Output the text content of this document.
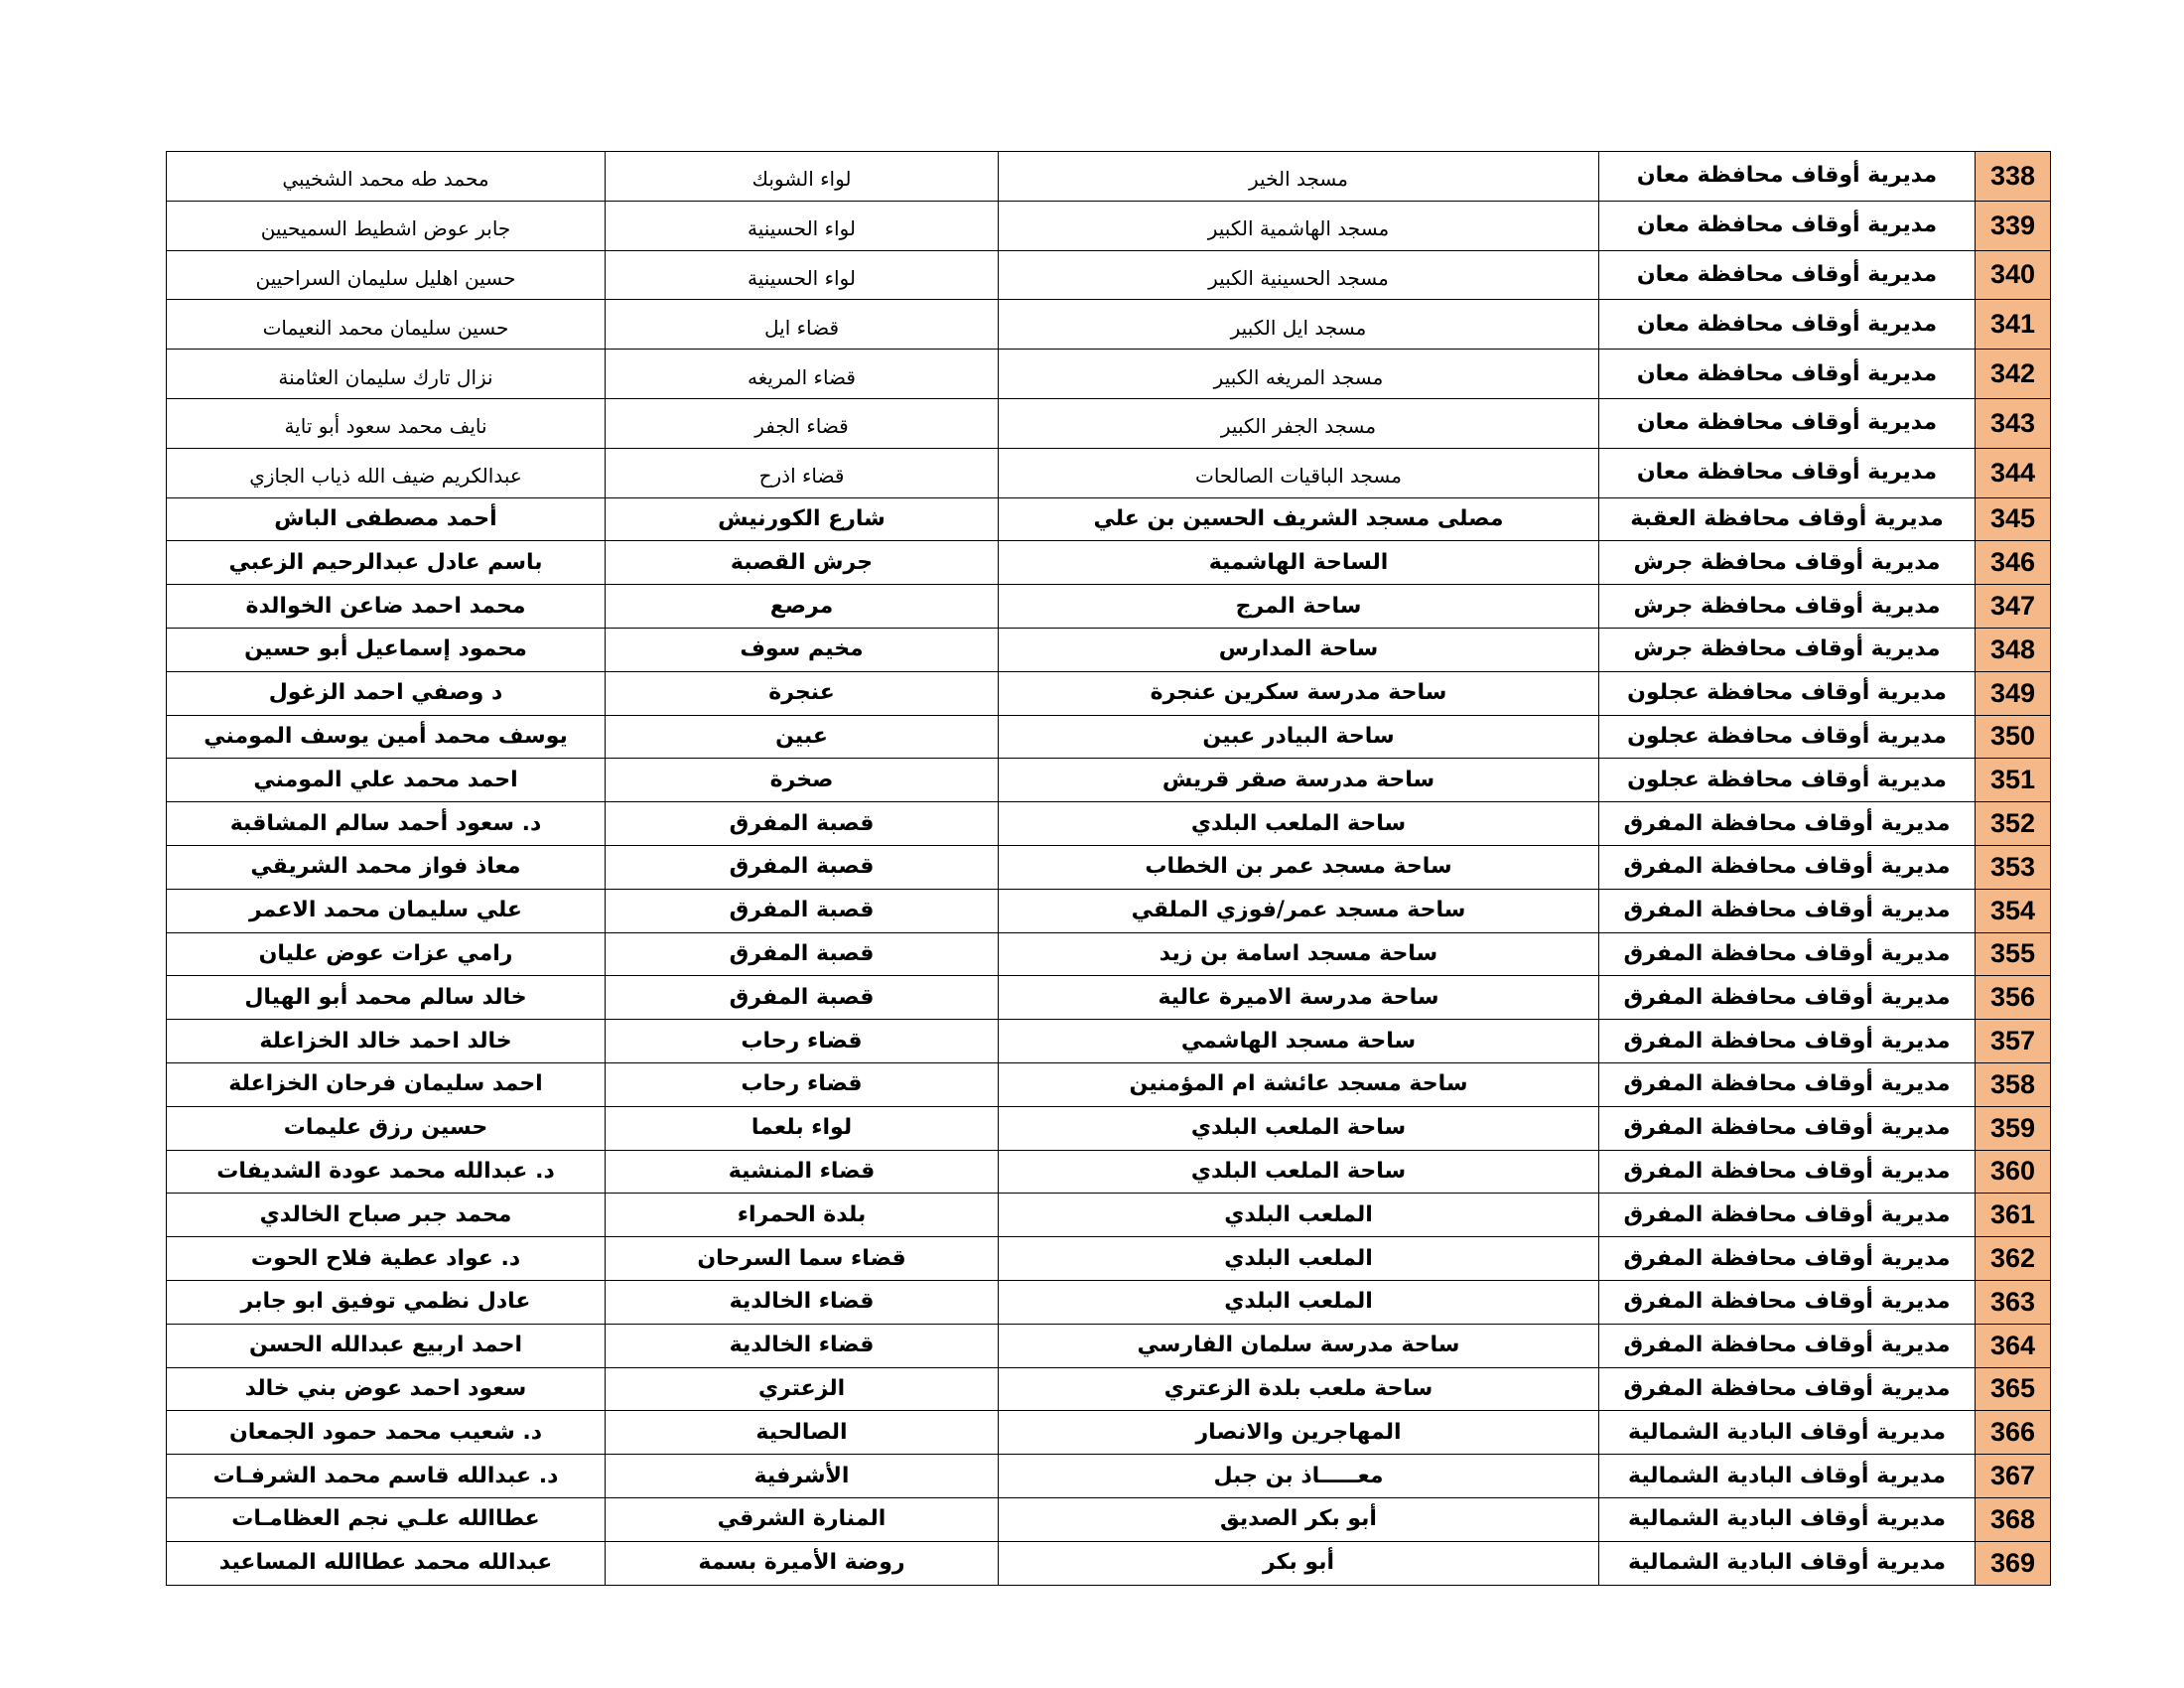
338	مديرية أوقاف محافظة معان	مسجد الخير	لواء الشوبك	محمد طه محمد الشخيبي
339	مديرية أوقاف محافظة معان	مسجد الهاشمية الكبير	لواء الحسينية	جابر عوض اشطيط السميحيين
340	مديرية أوقاف محافظة معان	مسجد الحسينية الكبير	لواء الحسينية	حسين اهليل سليمان السراحيين
341	مديرية أوقاف محافظة معان	مسجد ايل الكبير	قضاء ايل	حسين سليمان محمد النعيمات
342	مديرية أوقاف محافظة معان	مسجد المريغه الكبير	قضاء المريغه	نزال تارك سليمان العثامنة
343	مديرية أوقاف محافظة معان	مسجد الجفر الكبير	قضاء الجفر	نايف محمد سعود أبو تاية
344	مديرية أوقاف محافظة معان	مسجد الباقيات الصالحات	قضاء اذرح	عبدالكريم ضيف الله ذياب الجازي
345	مديرية أوقاف محافظة العقبة	مصلى مسجد الشريف الحسين بن علي	شارع الكورنيش	أحمد مصطفى الباش
346	مديرية أوقاف محافظة جرش	الساحة الهاشمية	جرش القصبة	باسم عادل عبدالرحيم الزعبي
347	مديرية أوقاف محافظة جرش	ساحة المرج	مرصع	محمد احمد ضاعن الخوالدة
348	مديرية أوقاف محافظة جرش	ساحة المدارس	مخيم سوف	محمود إسماعيل أبو حسين
349	مديرية أوقاف محافظة عجلون	ساحة مدرسة سكرين عنجرة	عنجرة	د وصفي احمد الزغول
350	مديرية أوقاف محافظة عجلون	ساحة البيادر عبين	عبين	يوسف محمد أمين يوسف المومني
351	مديرية أوقاف محافظة عجلون	ساحة مدرسة صقر قريش	صخرة	احمد محمد علي المومني
352	مديرية أوقاف محافظة المفرق	ساحة الملعب البلدي	قصبة المفرق	د. سعود أحمد سالم المشاقبة
353	مديرية أوقاف محافظة المفرق	ساحة مسجد عمر بن الخطاب	قصبة المفرق	معاذ فواز محمد الشريقي
354	مديرية أوقاف محافظة المفرق	ساحة مسجد عمر/فوزي الملقي	قصبة المفرق	علي سليمان محمد الاعمر
355	مديرية أوقاف محافظة المفرق	ساحة مسجد اسامة بن زيد	قصبة المفرق	رامي عزات عوض عليان
356	مديرية أوقاف محافظة المفرق	ساحة مدرسة الاميرة عالية	قصبة المفرق	خالد سالم محمد أبو الهيال
357	مديرية أوقاف محافظة المفرق	ساحة مسجد الهاشمي	قضاء رحاب	خالد احمد خالد الخزاعلة
358	مديرية أوقاف محافظة المفرق	ساحة مسجد عائشة ام المؤمنين	قضاء رحاب	احمد سليمان فرحان الخزاعلة
359	مديرية أوقاف محافظة المفرق	ساحة الملعب البلدي	لواء بلعما	حسين رزق عليمات
360	مديرية أوقاف محافظة المفرق	ساحة الملعب البلدي	قضاء المنشية	د. عبدالله محمد عودة الشديفات
361	مديرية أوقاف محافظة المفرق	الملعب البلدي	بلدة الحمراء	محمد جبر صباح الخالدي
362	مديرية أوقاف محافظة المفرق	الملعب البلدي	قضاء سما السرحان	د. عواد عطية فلاح الحوت
363	مديرية أوقاف محافظة المفرق	الملعب البلدي	قضاء الخالدية	عادل نظمي توفيق ابو جابر
364	مديرية أوقاف محافظة المفرق	ساحة مدرسة سلمان الفارسي	قضاء الخالدية	احمد اربيع عبدالله الحسن
365	مديرية أوقاف محافظة المفرق	ساحة ملعب بلدة الزعتري	الزعتري	سعود احمد عوض بني خالد
366	مديرية أوقاف البادية الشمالية	المهاجرين والانصار	الصالحية	د. شعيب محمد حمود الجمعان
367	مديرية أوقاف البادية الشمالية	معـــــاذ بن جبل	الأشرفية	د. عبدالله قاسم محمد الشرفـات
368	مديرية أوقاف البادية الشمالية	أبو بكر الصديق	المنارة الشرقي	عطاالله علـي نجم العظامـات
369	مديرية أوقاف البادية الشمالية	أبو بكر	روضة الأميرة بسمة	عبدالله محمد عطاالله المساعيد
